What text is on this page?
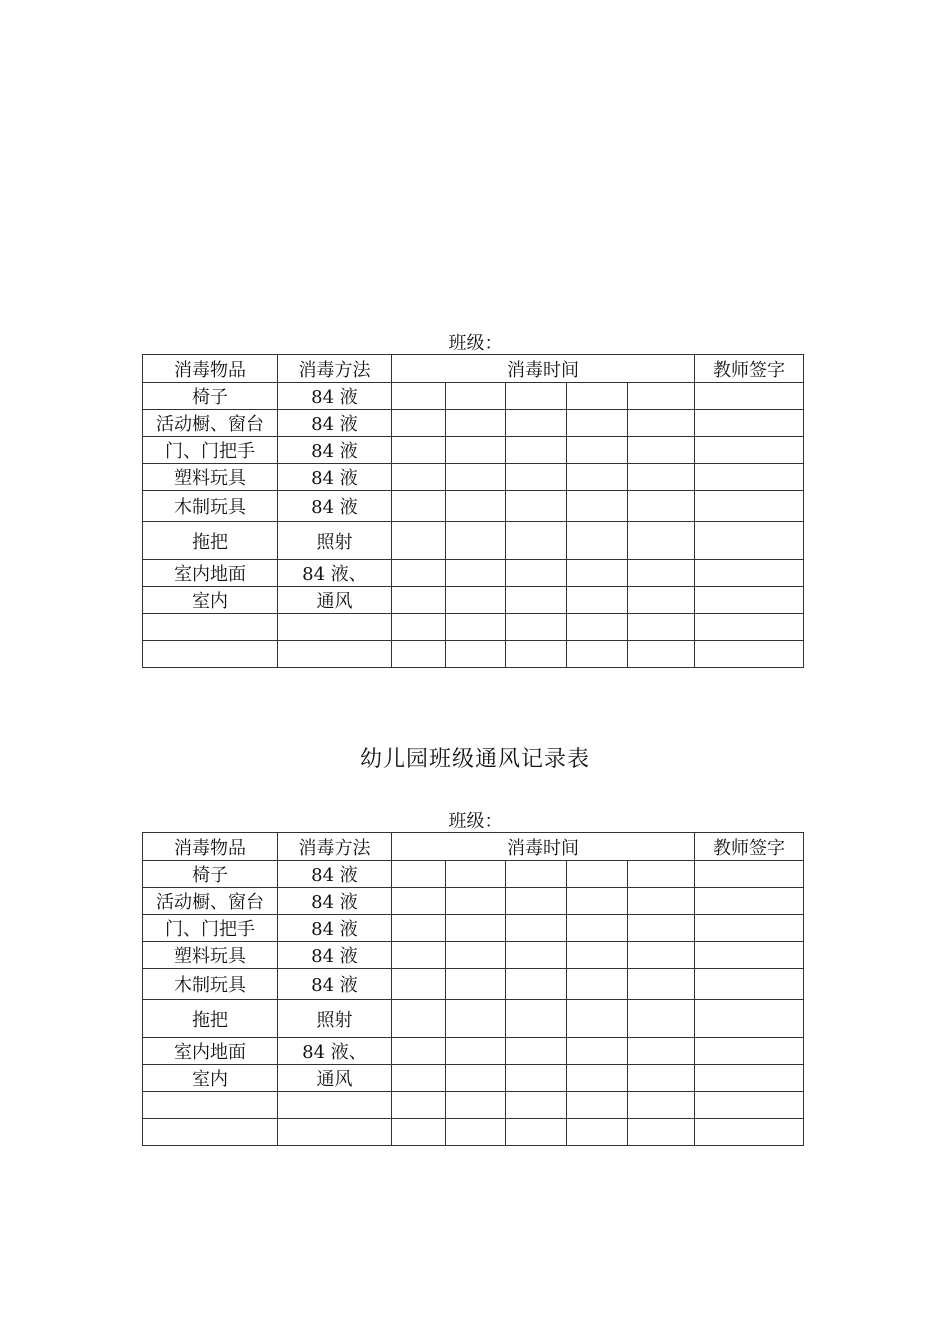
班级：
消毒物品	消毒方法	消毒时间					教师签字
椅子	84 液						
活动橱、窗台	84 液						
门、门把手	84 液						
塑料玩具	84 液						
木制玩具	84 液						
拖把	照射						
室内地面	84 液、						
室内	通风						

幼儿园班级通风记录表
班级：
消毒物品	消毒方法	消毒时间					教师签字
椅子	84 液						
活动橱、窗台	84 液						
门、门把手	84 液						
塑料玩具	84 液						
木制玩具	84 液						
拖把	照射						
室内地面	84 液、						
室内	通风						
